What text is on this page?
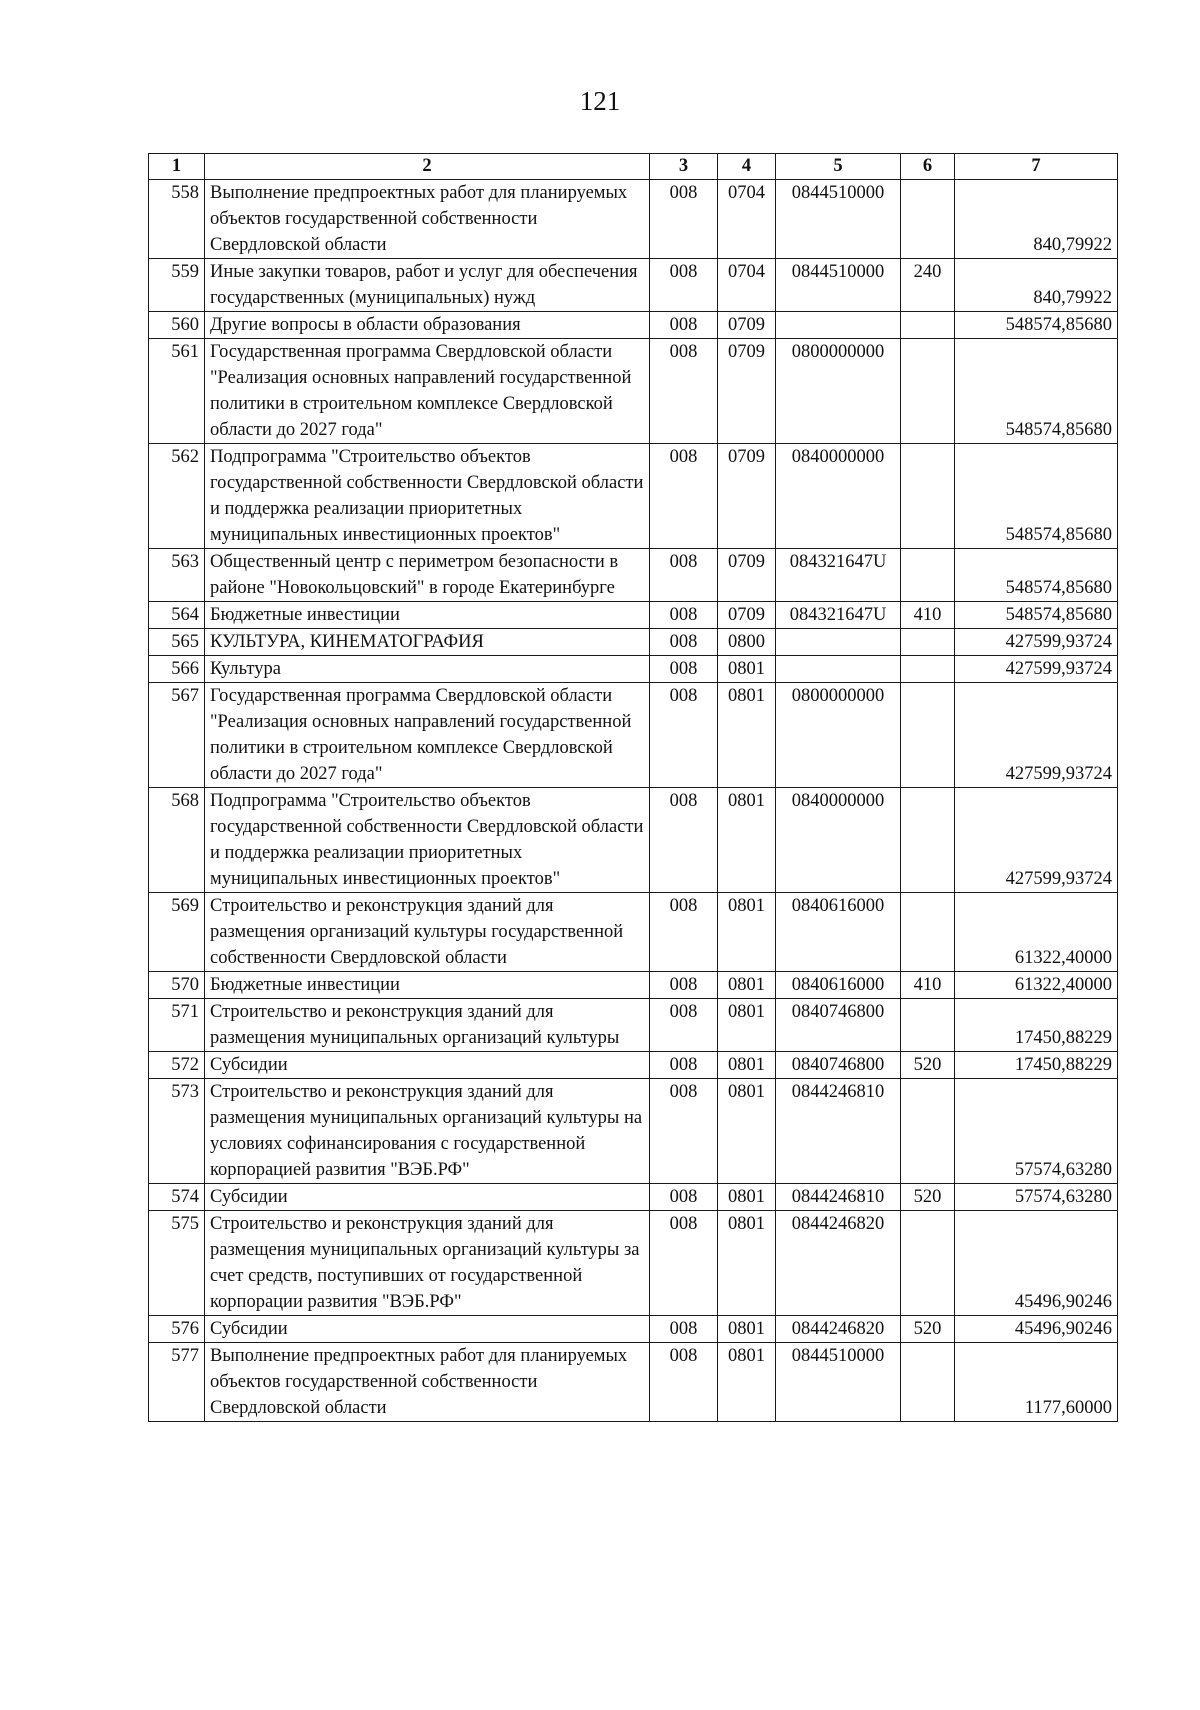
121
1	2	3	4	5	6	7
558	Выполнение предпроектных работ для планируемых объектов государственной собственности Свердловской области	008	0704	0844510000		840,79922
559	Иные закупки товаров, работ и услуг для обеспечения государственных (муниципальных) нужд	008	0704	0844510000	240	840,79922
560	Другие вопросы в области образования	008	0709			548574,85680
561	Государственная программа Свердловской области "Реализация основных направлений государственной политики в строительном комплексе Свердловской области до 2027 года"	008	0709	0800000000		548574,85680
562	Подпрограмма "Строительство объектов государственной собственности Свердловской области и поддержка реализации приоритетных муниципальных инвестиционных проектов"	008	0709	0840000000		548574,85680
563	Общественный центр с периметром безопасности в районе "Новокольцовский" в городе Екатеринбурге	008	0709	084321647U		548574,85680
564	Бюджетные инвестиции	008	0709	084321647U	410	548574,85680
565	КУЛЬТУРА, КИНЕМАТОГРАФИЯ	008	0800			427599,93724
566	Культура	008	0801			427599,93724
567	Государственная программа Свердловской области "Реализация основных направлений государственной политики в строительном комплексе Свердловской области до 2027 года"	008	0801	0800000000		427599,93724
568	Подпрограмма "Строительство объектов государственной собственности Свердловской области и поддержка реализации приоритетных муниципальных инвестиционных проектов"	008	0801	0840000000		427599,93724
569	Строительство и реконструкция зданий для размещения организаций культуры государственной собственности Свердловской области	008	0801	0840616000		61322,40000
570	Бюджетные инвестиции	008	0801	0840616000	410	61322,40000
571	Строительство и реконструкция зданий для размещения муниципальных организаций культуры	008	0801	0840746800		17450,88229
572	Субсидии	008	0801	0840746800	520	17450,88229
573	Строительство и реконструкция зданий для размещения муниципальных организаций культуры на условиях софинансирования с государственной корпорацией развития "ВЭБ.РФ"	008	0801	0844246810		57574,63280
574	Субсидии	008	0801	0844246810	520	57574,63280
575	Строительство и реконструкция зданий для размещения муниципальных организаций культуры за счет средств, поступивших от государственной корпорации развития "ВЭБ.РФ"	008	0801	0844246820		45496,90246
576	Субсидии	008	0801	0844246820	520	45496,90246
577	Выполнение предпроектных работ для планируемых объектов государственной собственности Свердловской области	008	0801	0844510000		1177,60000
